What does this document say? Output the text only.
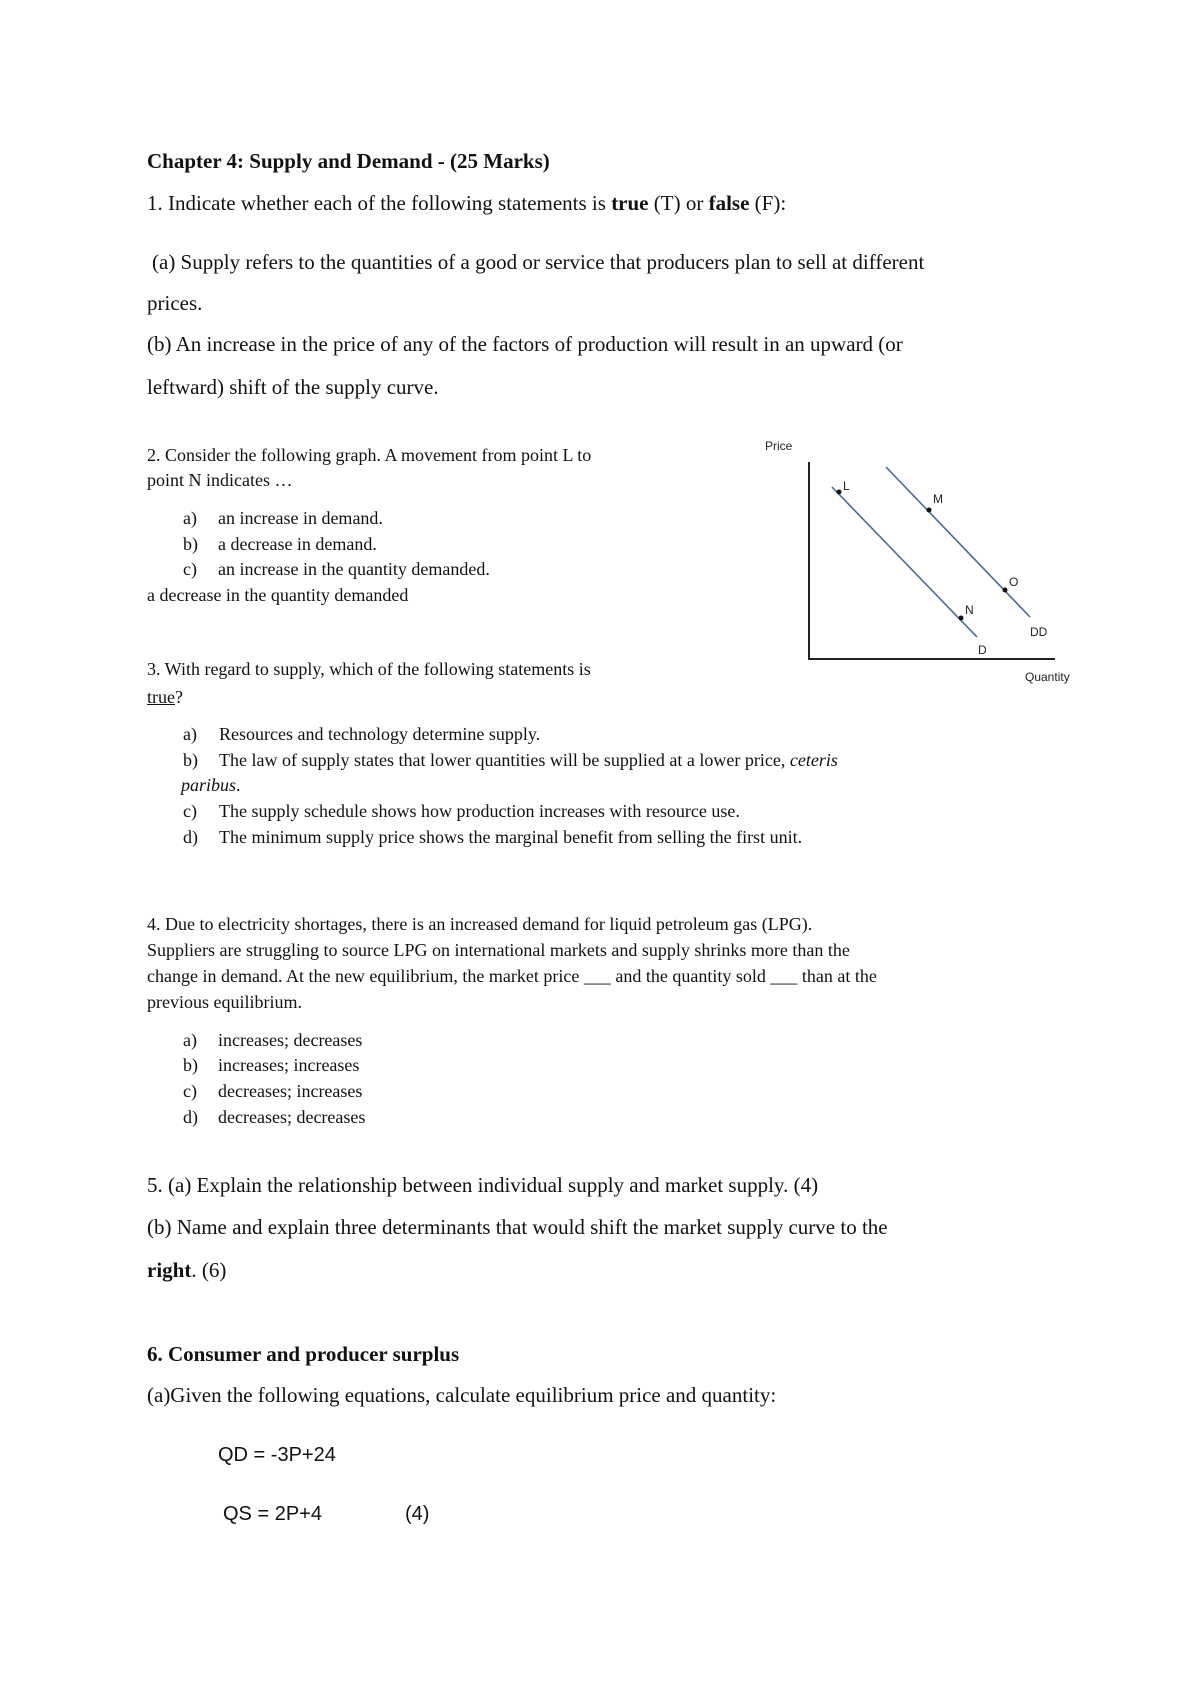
Chapter 4: Supply and Demand - (25 Marks)
1. Indicate whether each of the following statements is true (T) or false (F):
(a) Supply refers to the quantities of a good or service that producers plan to sell at different
prices.
(b) An increase in the price of any of the factors of production will result in an upward (or
leftward) shift of the supply curve.
2. Consider the following graph. A movement from point L to
point N indicates …
a) an increase in demand.
b) a decrease in demand.
c) an increase in the quantity demanded.
a decrease in the quantity demanded
Price
L
M
N
O
DD
D
Quantity
3. With regard to supply, which of the following statements is
true?
a) Resources and technology determine supply.
b) The law of supply states that lower quantities will be supplied at a lower price, ceteris
paribus.
c) The supply schedule shows how production increases with resource use.
d) The minimum supply price shows the marginal benefit from selling the first unit.
4. Due to electricity shortages, there is an increased demand for liquid petroleum gas (LPG).
Suppliers are struggling to source LPG on international markets and supply shrinks more than the
change in demand. At the new equilibrium, the market price ___ and the quantity sold ___ than at the
previous equilibrium.
a) increases; decreases
b) increases; increases
c) decreases; increases
d) decreases; decreases
5. (a) Explain the relationship between individual supply and market supply. (4)
(b) Name and explain three determinants that would shift the market supply curve to the
right. (6)
6. Consumer and producer surplus
(a)Given the following equations, calculate equilibrium price and quantity:
QD = -3P+24
QS = 2P+4	(4)
